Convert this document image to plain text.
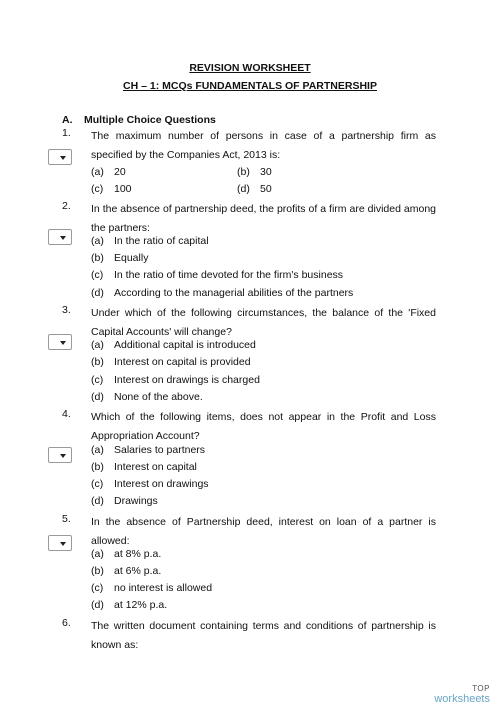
REVISION WORKSHEET
CH – 1: MCQs FUNDAMENTALS OF PARTNERSHIP
A. Multiple Choice Questions
1. The maximum number of persons in case of a partnership firm as specified by the Companies Act, 2013 is:
(a) 20	(b) 30
(c) 100	(d) 50
2. In the absence of partnership deed, the profits of a firm are divided among the partners:
(a) In the ratio of capital
(b) Equally
(c) In the ratio of time devoted for the firm's business
(d) According to the managerial abilities of the partners
3. Under which of the following circumstances, the balance of the 'Fixed Capital Accounts' will change?
(a) Additional capital is introduced
(b) Interest on capital is provided
(c) Interest on drawings is charged
(d) None of the above.
4. Which of the following items, does not appear in the Profit and Loss Appropriation Account?
(a) Salaries to partners
(b) Interest on capital
(c) Interest on drawings
(d) Drawings
5. In the absence of Partnership deed, interest on loan of a partner is allowed:
(a) at 8% p.a.
(b) at 6% p.a.
(c) no interest is allowed
(d) at 12% p.a.
6. The written document containing terms and conditions of partnership is known as:
TOP
worksheets
